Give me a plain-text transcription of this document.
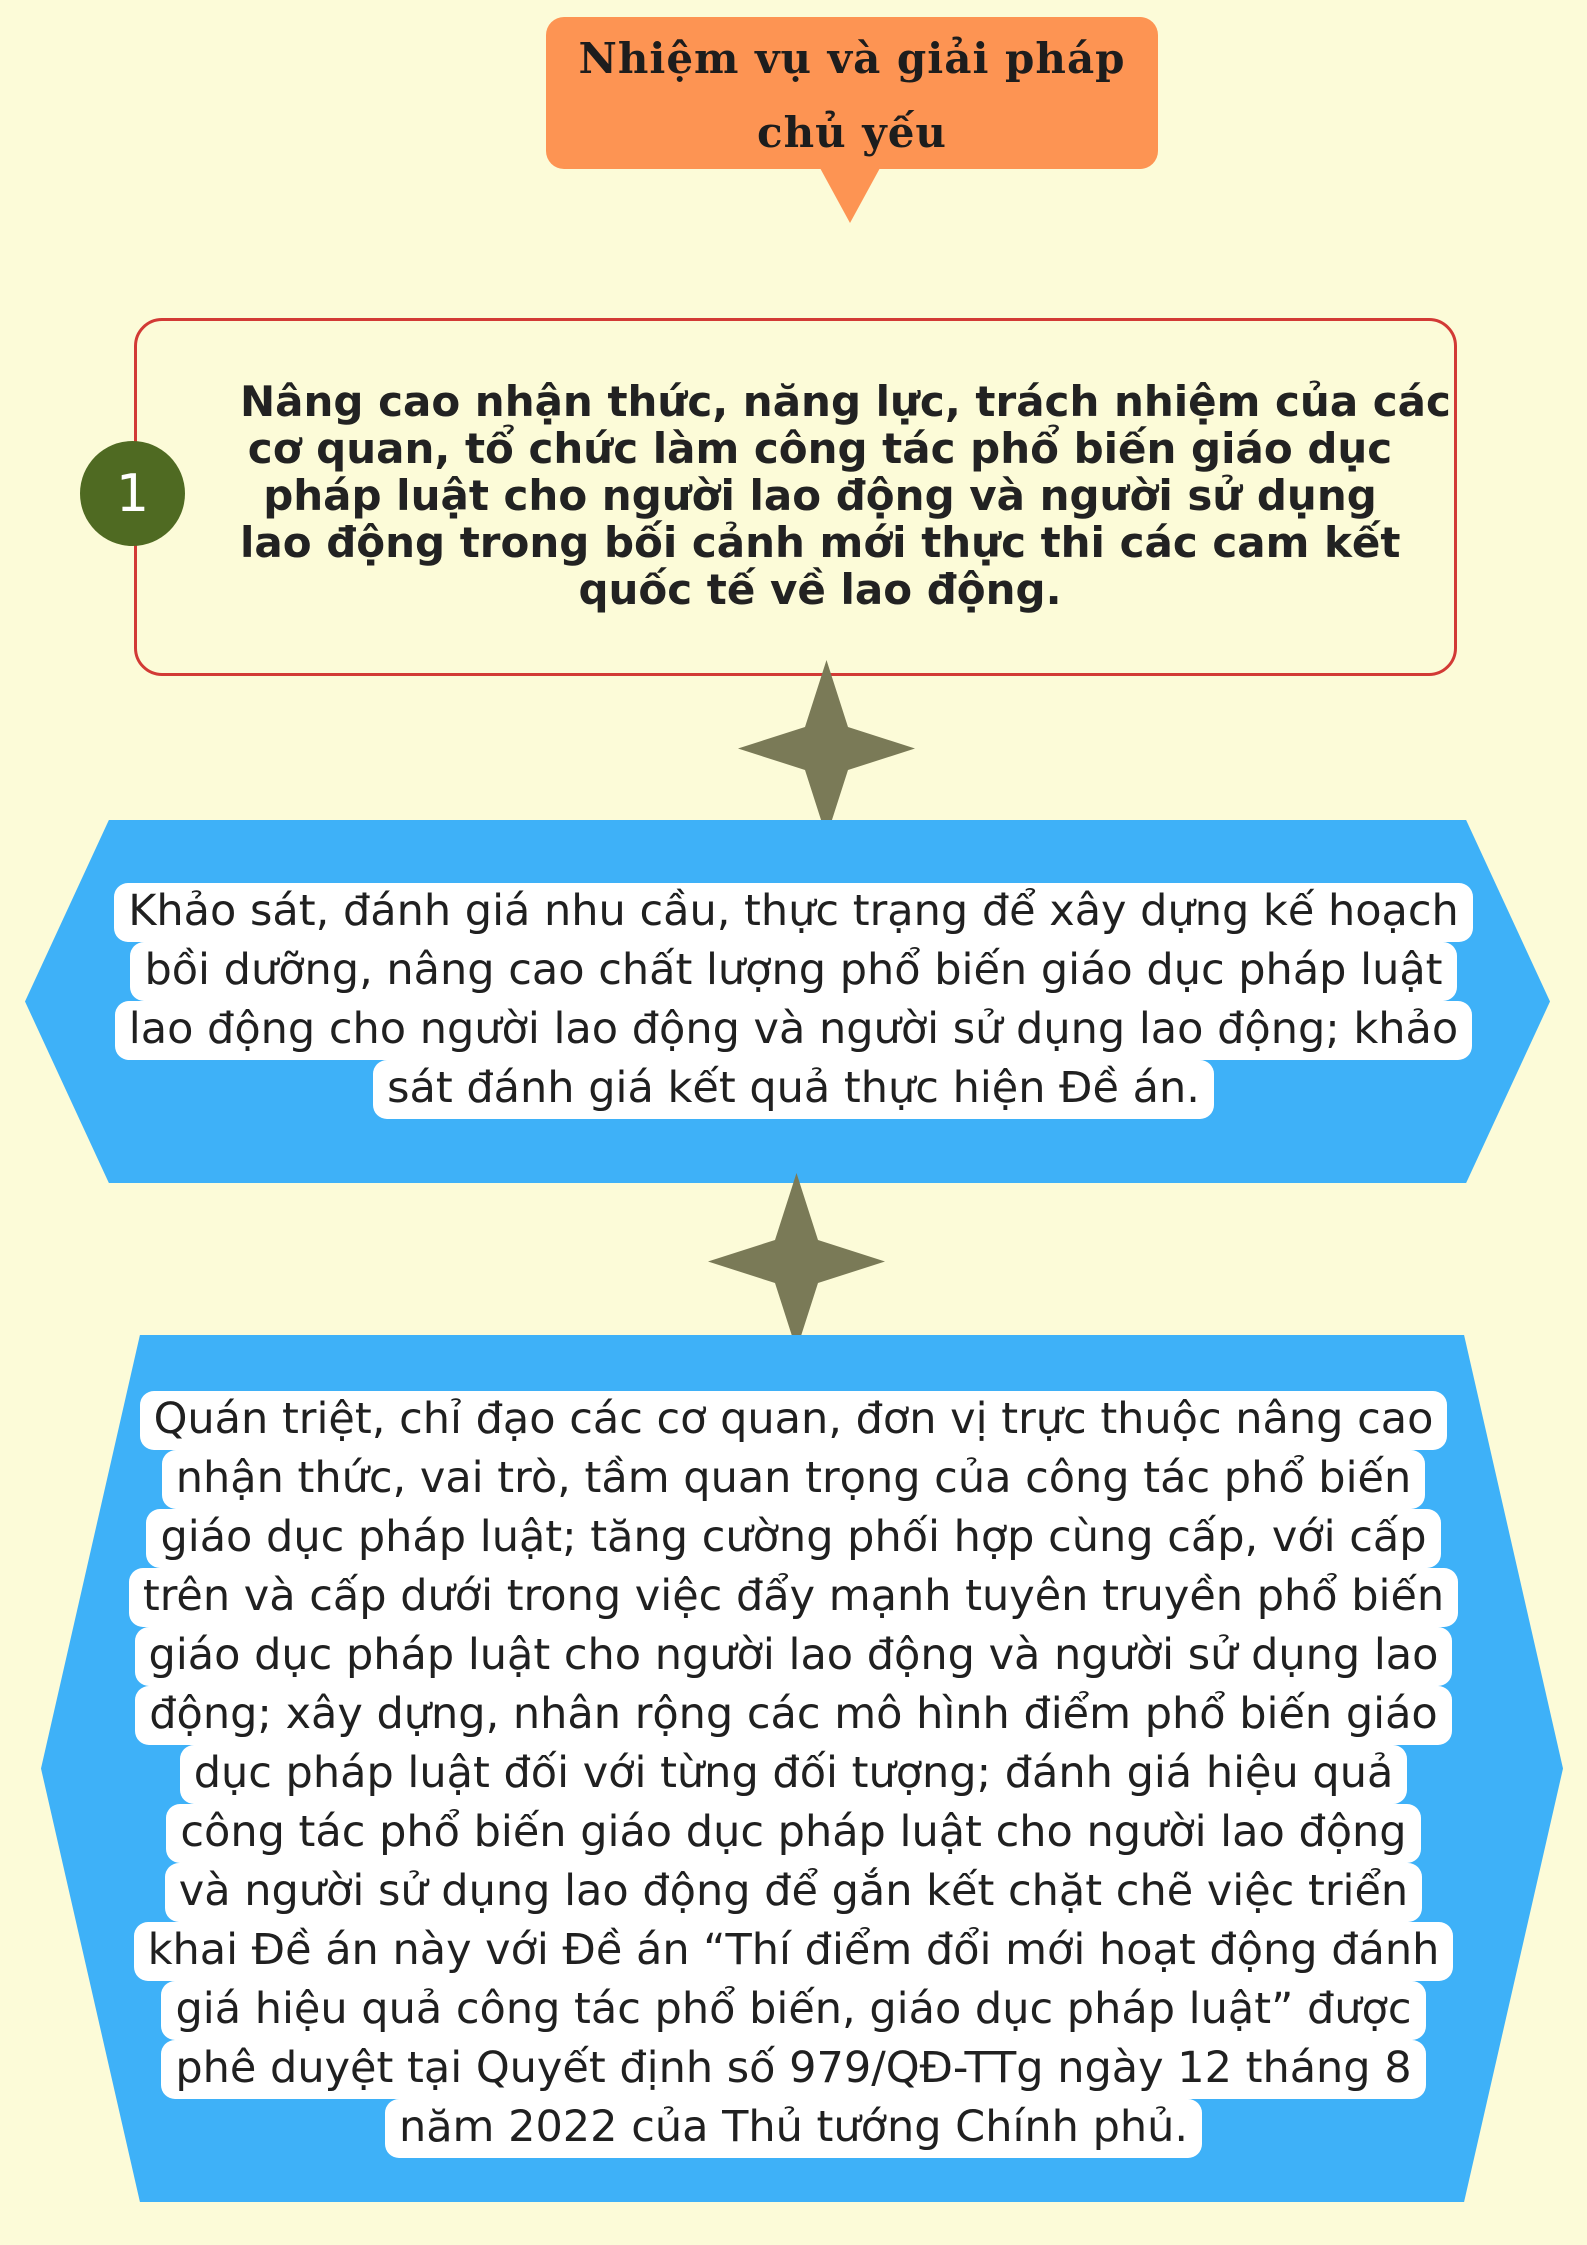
Nhiệm vụ và giải pháp
chủ yếu
Nâng cao nhận thức, năng lực, trách nhiệm của các
cơ quan, tổ chức làm công tác phổ biến giáo dục
pháp luật cho người lao động và người sử dụng
lao động trong bối cảnh mới thực thi các cam kết
quốc tế về lao động.
1
Khảo sát, đánh giá nhu cầu, thực trạng để xây dựng kế hoạch
bồi dưỡng, nâng cao chất lượng phổ biến giáo dục pháp luật
lao động cho người lao động và người sử dụng lao động; khảo
sát đánh giá kết quả thực hiện Đề án.
Quán triệt, chỉ đạo các cơ quan, đơn vị trực thuộc nâng cao
nhận thức, vai trò, tầm quan trọng của công tác phổ biến
giáo dục pháp luật; tăng cường phối hợp cùng cấp, với cấp
trên và cấp dưới trong việc đẩy mạnh tuyên truyền phổ biến
giáo dục pháp luật cho người lao động và người sử dụng lao
động; xây dựng, nhân rộng các mô hình điểm phổ biến giáo
dục pháp luật đối với từng đối tượng; đánh giá hiệu quả
công tác phổ biến giáo dục pháp luật cho người lao động
và người sử dụng lao động để gắn kết chặt chẽ việc triển
khai Đề án này với Đề án “Thí điểm đổi mới hoạt động đánh
giá hiệu quả công tác phổ biến, giáo dục pháp luật” được
phê duyệt tại Quyết định số 979/QĐ-TTg ngày 12 tháng 8
năm 2022 của Thủ tướng Chính phủ.
